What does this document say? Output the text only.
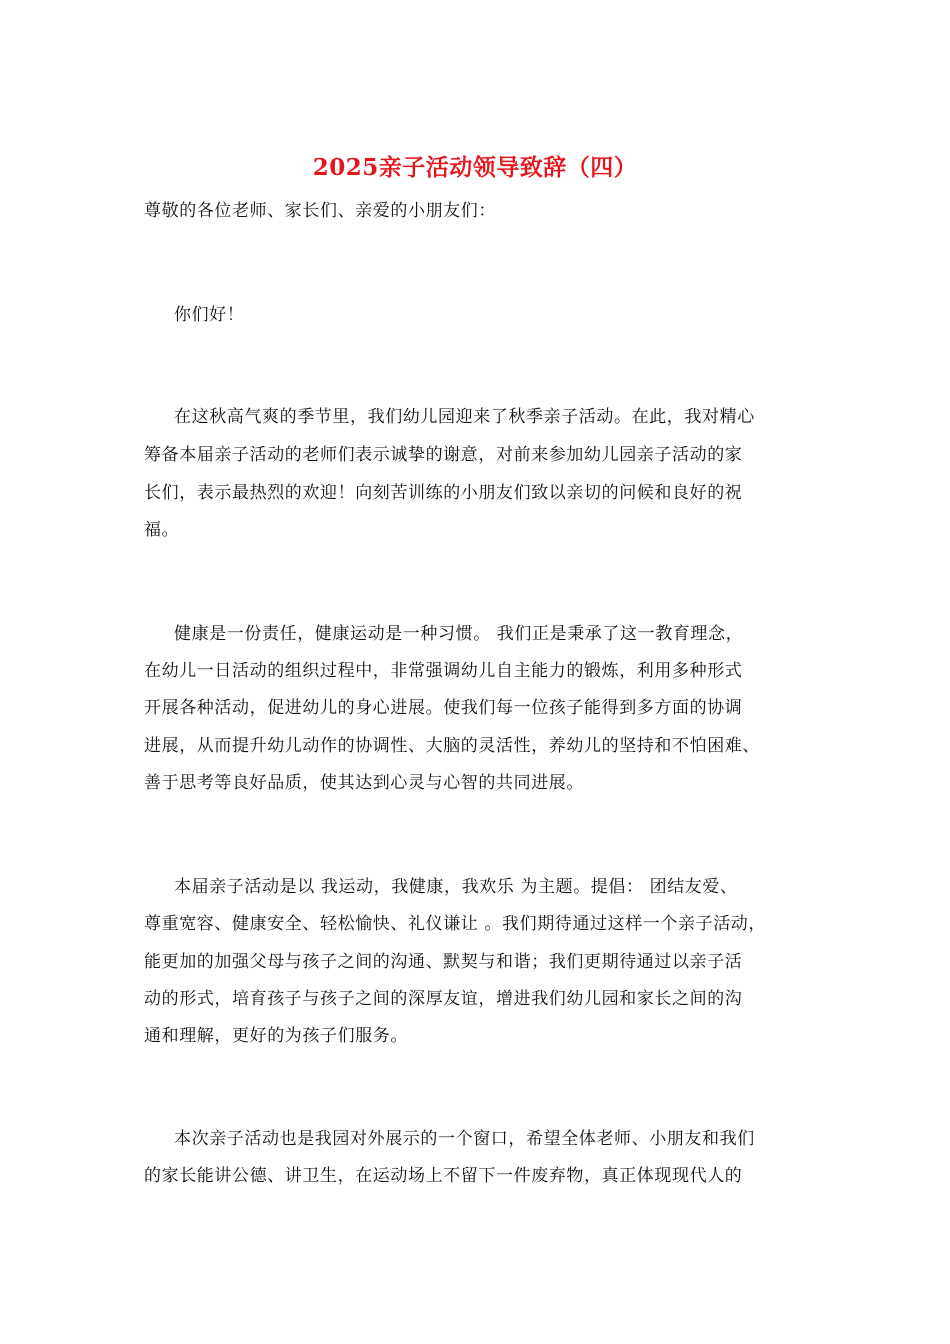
2025亲子活动领导致辞（四）
尊敬的各位老师、家长们、亲爱的小朋友们：
你们好！
在这秋高气爽的季节里，我们幼儿园迎来了秋季亲子活动。在此，我对精心
筹备本届亲子活动的老师们表示诚挚的谢意，对前来参加幼儿园亲子活动的家
长们，表示最热烈的欢迎！向刻苦训练的小朋友们致以亲切的问候和良好的祝
福。
健康是一份责任，健康运动是一种习惯。 我们正是秉承了这一教育理念，
在幼儿一日活动的组织过程中，非常强调幼儿自主能力的锻炼，利用多种形式
开展各种活动，促进幼儿的身心进展。使我们每一位孩子能得到多方面的协调
进展，从而提升幼儿动作的协调性、大脑的灵活性，养幼儿的坚持和不怕困难、
善于思考等良好品质，使其达到心灵与心智的共同进展。
本届亲子活动是以 我运动，我健康，我欢乐 为主题。提倡： 团结友爱、
尊重宽容、健康安全、轻松愉快、礼仪谦让 。我们期待通过这样一个亲子活动，
能更加的加强父母与孩子之间的沟通、默契与和谐；我们更期待通过以亲子活
动的形式，培育孩子与孩子之间的深厚友谊，增进我们幼儿园和家长之间的沟
通和理解，更好的为孩子们服务。
本次亲子活动也是我园对外展示的一个窗口，希望全体老师、小朋友和我们
的家长能讲公德、讲卫生，在运动场上不留下一件废弃物，真正体现现代人的
